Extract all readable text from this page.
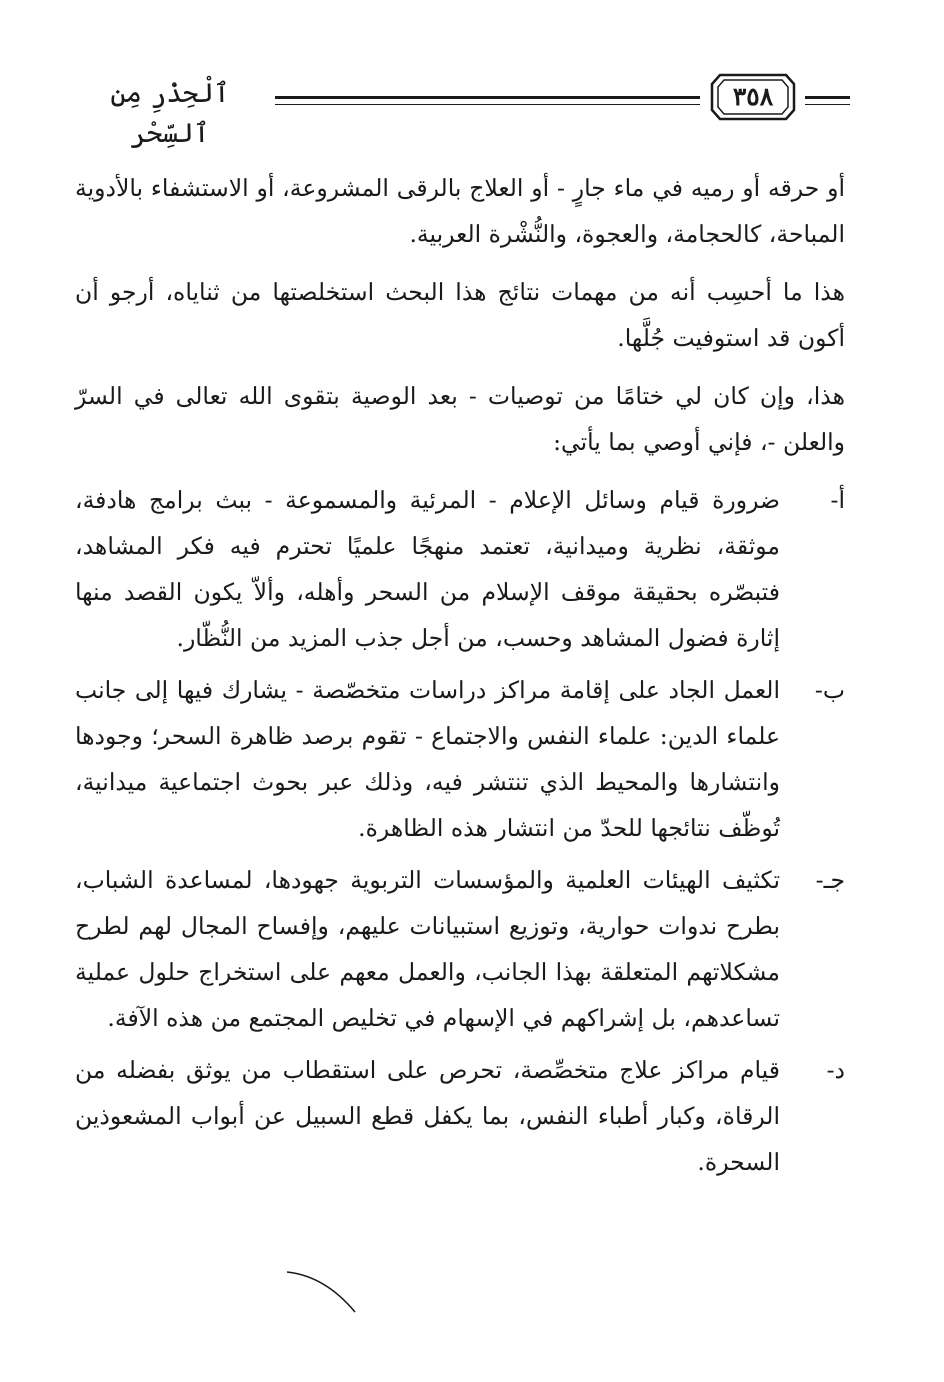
ٱلْحِذْرِ مِن ٱلسِّحْر
٣٥٨

أو حرقه أو رميه في ماء جارٍ - أو العلاج بالرقى المشروعة، أو الاستشفاء بالأدوية المباحة، كالحجامة، والعجوة، والنُّشْرة العربية.

هذا ما أحسِب أنه من مهمات نتائج هذا البحث استخلصتها من ثناياه، أرجو أن أكون قد استوفيت جُلَّها.

هذا، وإن كان لي ختامًا من توصيات - بعد الوصية بتقوى الله تعالى في السرّ والعلن -، فإني أوصي بما يأتي:

أ-
ضرورة قيام وسائل الإعلام - المرئية والمسموعة - ببث برامج هادفة، موثقة، نظرية وميدانية، تعتمد منهجًا علميًا تحترم فيه فكر المشاهد، فتبصّره بحقيقة موقف الإسلام من السحر وأهله، وألاّ يكون القصد منها إثارة فضول المشاهد وحسب، من أجل جذب المزيد من النُّظّار.
ب-
العمل الجاد على إقامة مراكز دراسات متخصّصة - يشارك فيها إلى جانب علماء الدين: علماء النفس والاجتماع - تقوم برصد ظاهرة السحر؛ وجودها وانتشارها والمحيط الذي تنتشر فيه، وذلك عبر بحوث اجتماعية ميدانية، تُوظّف نتائجها للحدّ من انتشار هذه الظاهرة.
جـ-
تكثيف الهيئات العلمية والمؤسسات التربوية جهودها، لمساعدة الشباب، بطرح ندوات حوارية، وتوزيع استبيانات عليهم، وإفساح المجال لهم لطرح مشكلاتهم المتعلقة بهذا الجانب، والعمل معهم على استخراج حلول عملية تساعدهم، بل إشراكهم في الإسهام في تخليص المجتمع من هذه الآفة.
د-
قيام مراكز علاج متخصِّصة، تحرص على استقطاب من يوثق بفضله من الرقاة، وكبار أطباء النفس، بما يكفل قطع السبيل عن أبواب المشعوذين السحرة.
